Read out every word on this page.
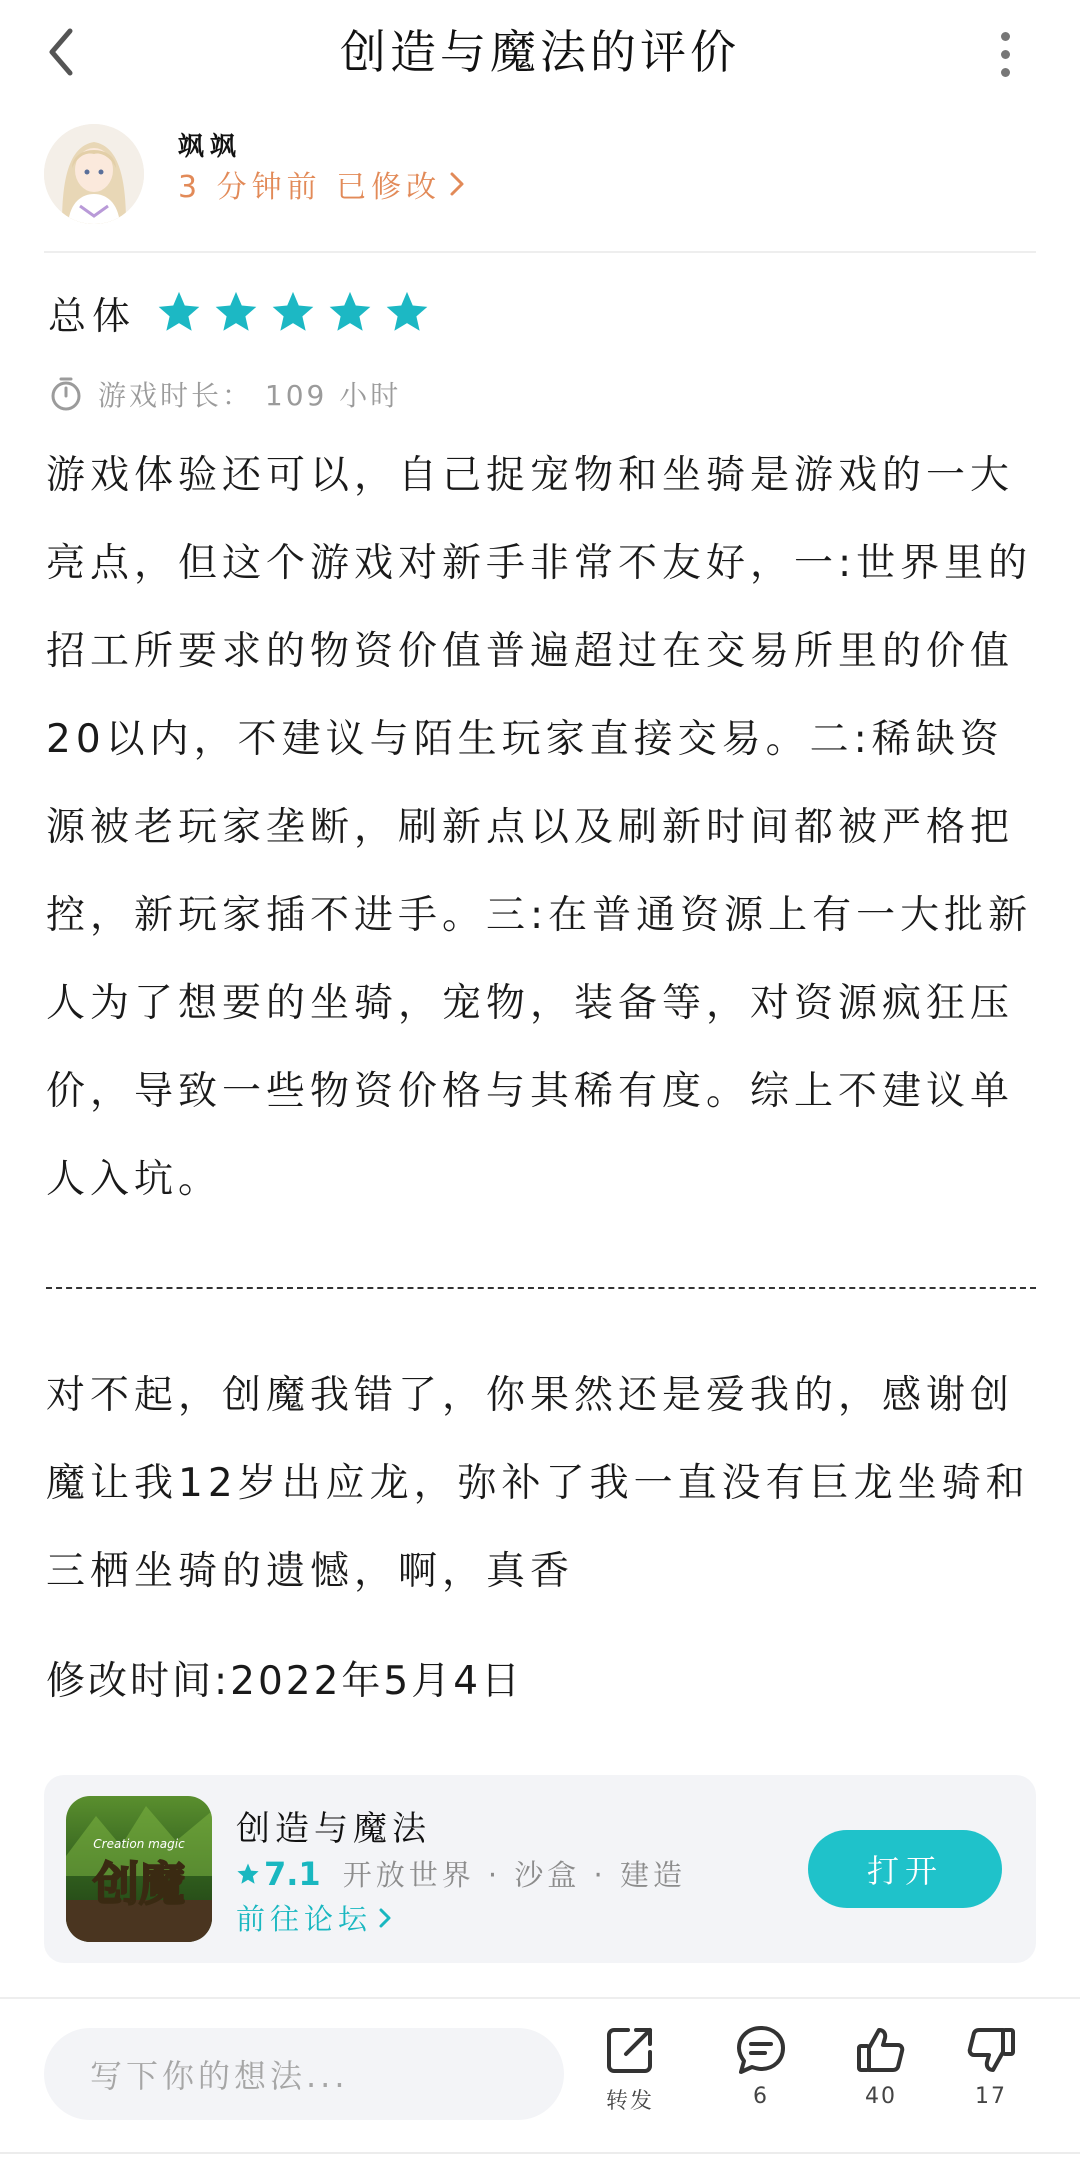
创造与魔法的评价
飒飒
3 分钟前 已修改
总体
游戏时长： 109 小时
游戏体验还可以，自己捉宠物和坐骑是游戏的一大亮点，但这个游戏对新手非常不友好，一:世界里的招工所要求的物资价值普遍超过在交易所里的价值20以内，不建议与陌生玩家直接交易。二:稀缺资源被老玩家垄断，刷新点以及刷新时间都被严格把控，新玩家插不进手。三:在普通资源上有一大批新人为了想要的坐骑，宠物，装备等，对资源疯狂压价，导致一些物资价格与其稀有度。综上不建议单人入坑。
对不起，创魔我错了，你果然还是爱我的，感谢创魔让我12岁出应龙，弥补了我一直没有巨龙坐骑和三栖坐骑的遗憾，啊，真香
修改时间:2022年5月4日
Creation magic
创魔
创造与魔法
7.1 开放世界 · 沙盒 · 建造
前往论坛
打开
写下你的想法...
转发	6	40	17
